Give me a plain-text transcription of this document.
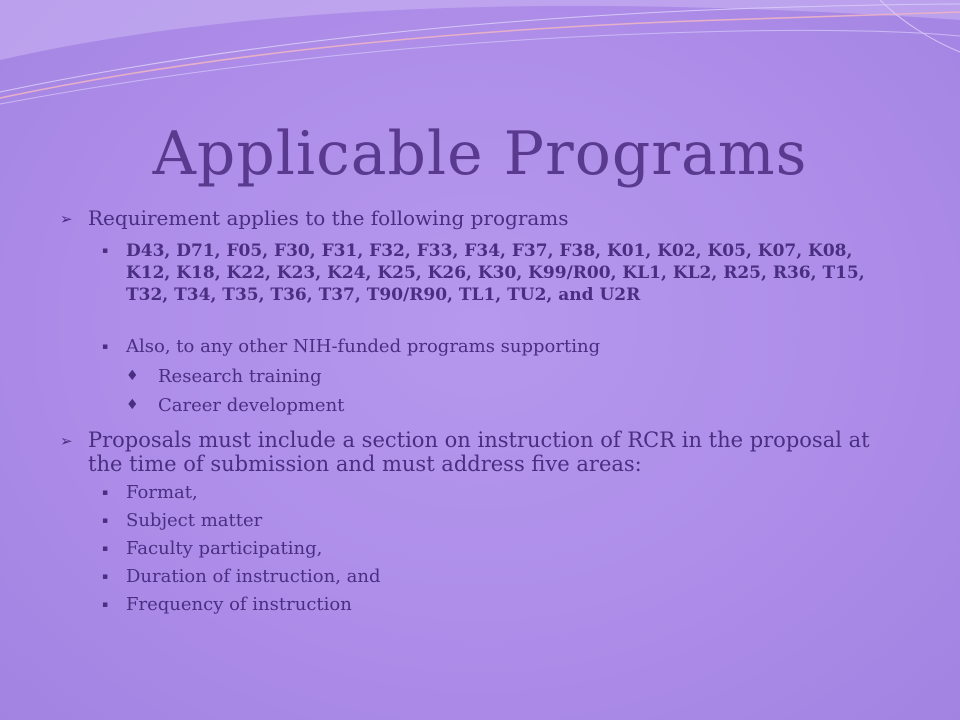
Applicable Programs
➢ Requirement applies to the following programs
▪	D43, D71, F05, F30, F31, F32, F33, F34, F37, F38, K01, K02, K05, K07, K08, K12, K18, K22, K23, K24, K25, K26, K30, K99/R00, KL1, KL2, R25, R36, T15, T32, T34, T35, T36, T37, T90/R90, TL1, TU2, and U2R
▪ Also, to any other NIH-funded programs supporting
♦	Research training
♦	Career development
➢ Proposals must include a section on instruction of RCR in the proposal at the time of submission and must address five areas:
▪ Format,
▪ Subject matter
▪ Faculty participating,
▪ Duration of instruction, and
▪ Frequency of instruction
